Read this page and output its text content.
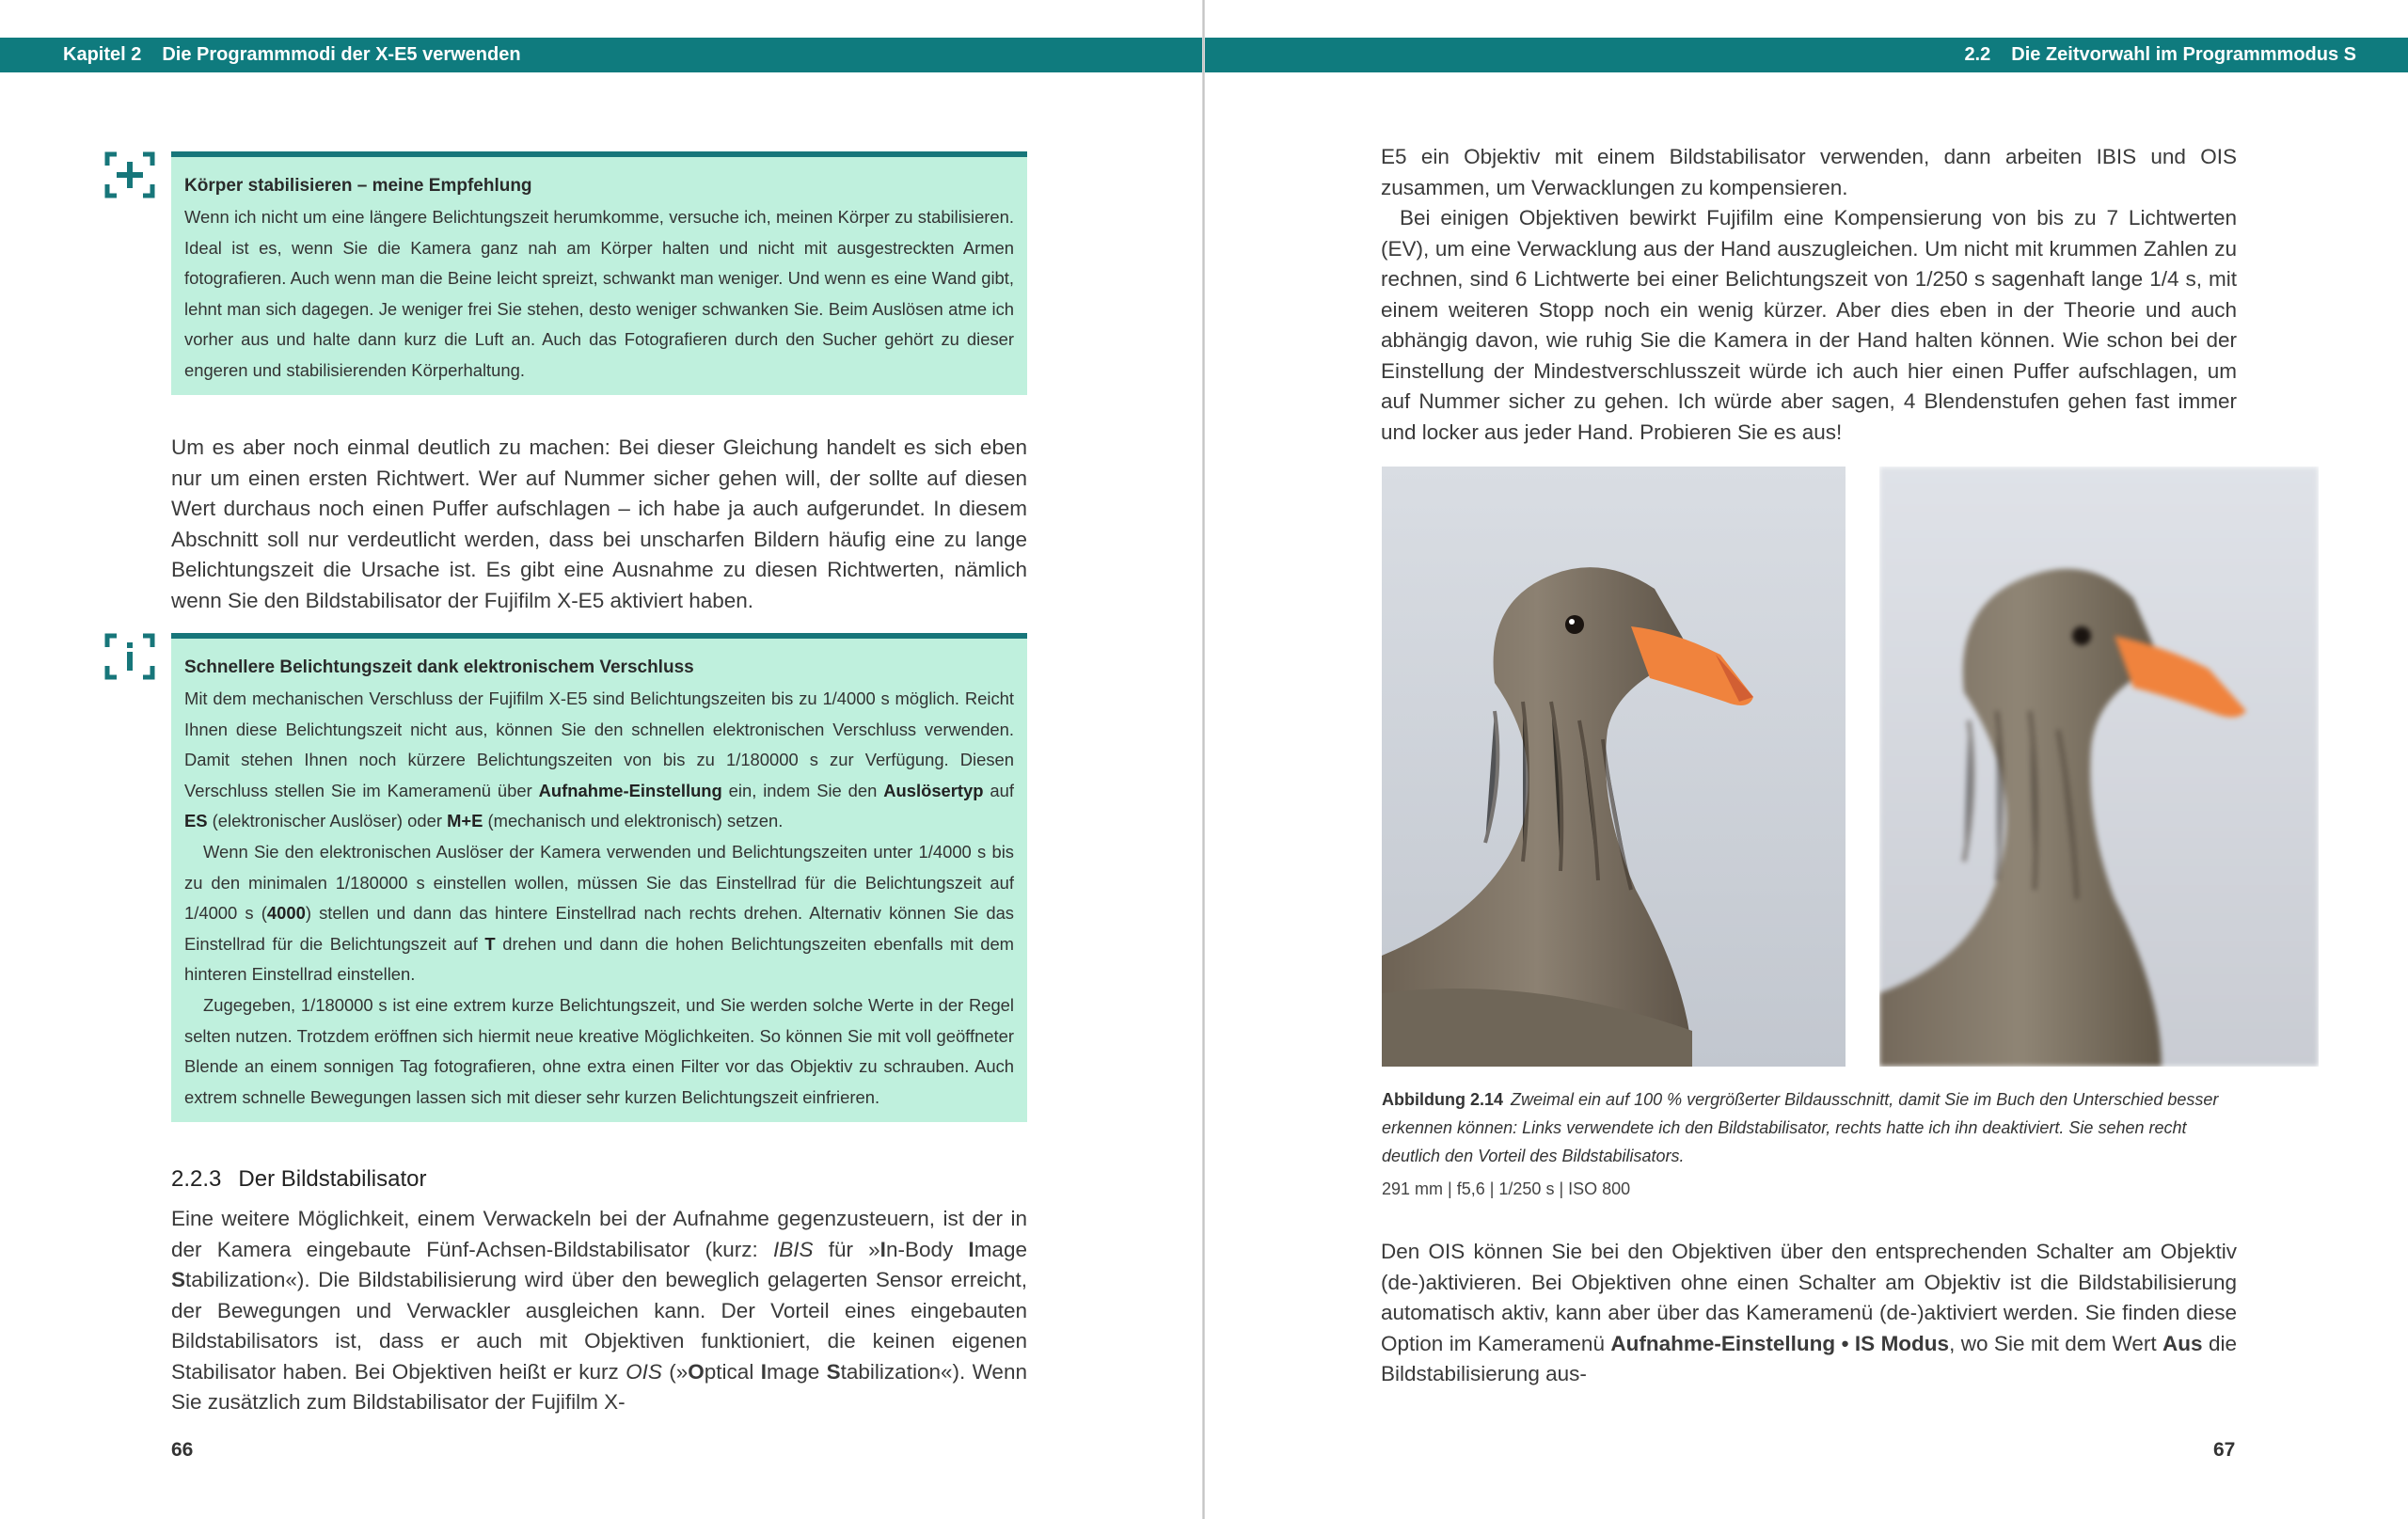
Kapitel 2 Die Programmmodi der X-E5 verwenden	2.2 Die Zeitvorwahl im Programmmodus S
Körper stabilisieren – meine Empfehlung

Wenn ich nicht um eine längere Belichtungszeit herumkomme, versuche ich, meinen Körper zu stabilisieren. Ideal ist es, wenn Sie die Kamera ganz nah am Körper halten und nicht mit ausgestreckten Armen fotografieren. Auch wenn man die Beine leicht spreizt, schwankt man weniger. Und wenn es eine Wand gibt, lehnt man sich dagegen. Je weniger frei Sie stehen, desto weniger schwanken Sie. Beim Auslösen atme ich vorher aus und halte dann kurz die Luft an. Auch das Fotografieren durch den Sucher gehört zu dieser engeren und stabilisierenden Körperhaltung.

Um es aber noch einmal deutlich zu machen: Bei dieser Gleichung handelt es sich eben nur um einen ersten Richtwert. Wer auf Nummer sicher gehen will, der sollte auf diesen Wert durchaus noch einen Puffer aufschlagen – ich habe ja auch aufgerundet. In diesem Abschnitt soll nur verdeutlicht werden, dass bei unscharfen Bildern häufig eine zu lange Belichtungszeit die Ursache ist. Es gibt eine Ausnahme zu diesen Richtwerten, nämlich wenn Sie den Bildstabilisator der Fujifilm X-E5 aktiviert haben.
Schnellere Belichtungszeit dank elektronischem Verschluss

Mit dem mechanischen Verschluss der Fujifilm X-E5 sind Belichtungszeiten bis zu 1/4000 s möglich. Reicht Ihnen diese Belichtungszeit nicht aus, können Sie den schnellen elektronischen Verschluss verwenden. Damit stehen Ihnen noch kürzere Belichtungszeiten von bis zu 1/180000 s zur Verfügung. Diesen Verschluss stellen Sie im Kameramenü über Aufnahme-Einstellung ein, indem Sie den Auslösertyp auf ES (elektronischer Auslöser) oder M+E (mechanisch und elektronisch) setzen.

Wenn Sie den elektronischen Auslöser der Kamera verwenden und Belichtungszeiten unter 1/4000 s bis zu den minimalen 1/180000 s einstellen wollen, müssen Sie das Einstellrad für die Belichtungszeit auf 1/4000 s (4000) stellen und dann das hintere Einstellrad nach rechts drehen. Alternativ können Sie das Einstellrad für die Belichtungszeit auf T drehen und dann die hohen Belichtungszeiten ebenfalls mit dem hinteren Einstellrad einstellen.

Zugegeben, 1/180000 s ist eine extrem kurze Belichtungszeit, und Sie werden solche Werte in der Regel selten nutzen. Trotzdem eröffnen sich hiermit neue kreative Möglichkeiten. So können Sie mit voll geöffneter Blende an einem sonnigen Tag fotografieren, ohne extra einen Filter vor das Objektiv zu schrauben. Auch extrem schnelle Bewegungen lassen sich mit dieser sehr kurzen Belichtungszeit einfrieren.

2.2.3 Der Bildstabilisator
Eine weitere Möglichkeit, einem Verwackeln bei der Aufnahme gegenzusteuern, ist der in der Kamera eingebaute Fünf-Achsen-Bildstabilisator (kurz: IBIS für »In-Body Image Stabilization«). Die Bildstabilisierung wird über den beweglich gelagerten Sensor erreicht, der Bewegungen und Verwackler ausgleichen kann. Der Vorteil eines eingebauten Bildstabilisators ist, dass er auch mit Objektiven funktioniert, die keinen eigenen Stabilisator haben. Bei Objektiven heißt er kurz OIS (»Optical Image Stabilization«). Wenn Sie zusätzlich zum Bildstabilisator der Fujifilm X-
66
E5 ein Objektiv mit einem Bildstabilisator verwenden, dann arbeiten IBIS und OIS zusammen, um Verwacklungen zu kompensieren.
Bei einigen Objektiven bewirkt Fujifilm eine Kompensierung von bis zu 7 Lichtwerten (EV), um eine Verwacklung aus der Hand auszugleichen. Um nicht mit krummen Zahlen zu rechnen, sind 6 Lichtwerte bei einer Belichtungszeit von 1/250 s sagenhaft lange 1/4 s, mit einem weiteren Stopp noch ein wenig kürzer. Aber dies eben in der Theorie und auch abhängig davon, wie ruhig Sie die Kamera in der Hand halten können. Wie schon bei der Einstellung der Mindestverschlusszeit würde ich auch hier einen Puffer aufschlagen, um auf Nummer sicher zu gehen. Ich würde aber sagen, 4 Blendenstufen gehen fast immer und locker aus jeder Hand. Probieren Sie es aus!
Abbildung 2.14 Zweimal ein auf 100 % vergrößerter Bildausschnitt, damit Sie im Buch den Unterschied besser erkennen können: Links verwendete ich den Bildstabilisator, rechts hatte ich ihn deaktiviert. Sie sehen recht deutlich den Vorteil des Bildstabilisators.
291 mm | f5,6 | 1/250 s | ISO 800
Den OIS können Sie bei den Objektiven über den entsprechenden Schalter am Objektiv (de-)aktivieren. Bei Objektiven ohne einen Schalter am Objektiv ist die Bildstabilisierung automatisch aktiv, kann aber über das Kameramenü (de-)aktiviert werden. Sie finden diese Option im Kameramenü Aufnahme-Einstellung • IS Modus, wo Sie mit dem Wert Aus die Bildstabilisierung aus-
67
